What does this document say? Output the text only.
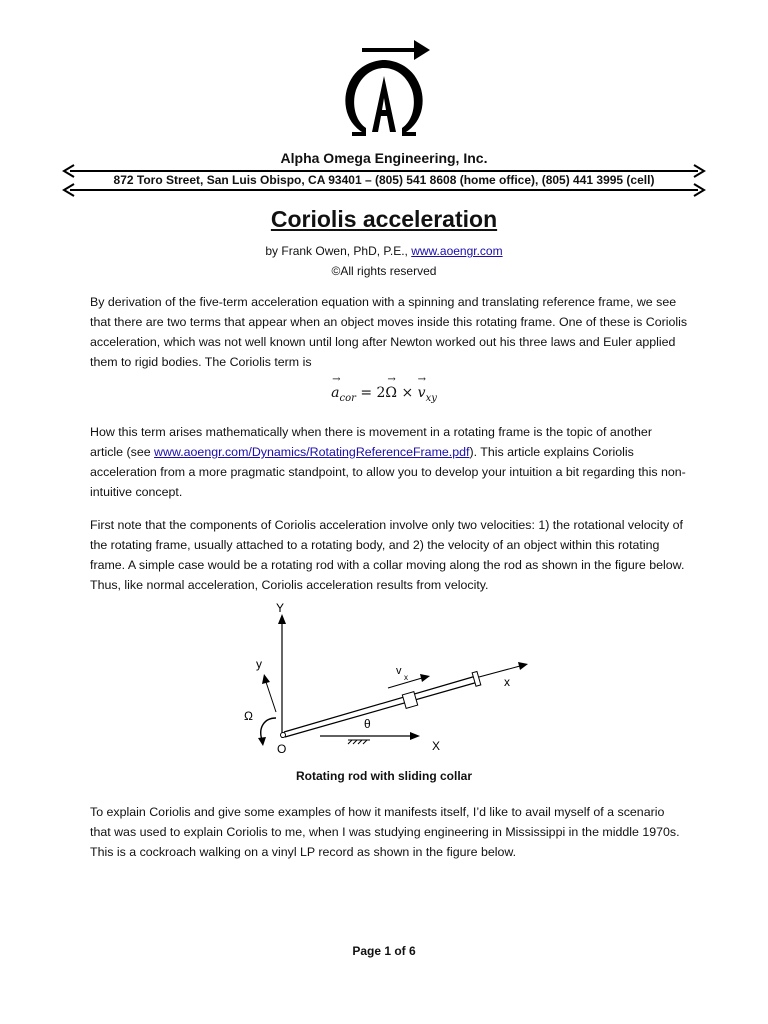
Alpha Omega Engineering, Inc.
872 Toro Street, San Luis Obispo, CA 93401 – (805) 541 8608 (home office), (805) 441 3995 (cell)
Coriolis acceleration
by Frank Owen, PhD, P.E., www.aoengr.com
©All rights reserved
By derivation of the five-term acceleration equation with a spinning and translating reference frame, we see that there are two terms that appear when an object moves inside this rotating frame. One of these is Coriolis acceleration, which was not well known until long after Newton worked out his three laws and Euler applied them to rigid bodies. The Coriolis term is
a
→
$_{cor}$ = 2Ω
→
× v
→
$_{xy}$
How this term arises mathematically when there is movement in a rotating frame is the topic of another article (see www.aoengr.com/Dynamics/RotatingReferenceFrame.pdf). This article explains Coriolis acceleration from a more pragmatic standpoint, to allow you to develop your intuition a bit regarding this non-intuitive concept.
First note that the components of Coriolis acceleration involve only two velocities: 1) the rotational velocity of the rotating frame, usually attached to a rotating body, and 2) the velocity of an object within this rotating frame. A simple case would be a rotating rod with a collar moving along the rod as shown in the figure below. Thus, like normal acceleration, Coriolis acceleration results from velocity.
Y
X
x
v
x
y
Ω
θ
O
Rotating rod with sliding collar
To explain Coriolis and give some examples of how it manifests itself, I’d like to avail myself of a scenario that was used to explain Coriolis to me, when I was studying engineering in Mississippi in the middle 1970s. This is a cockroach walking on a vinyl LP record as shown in the figure below.
Page 1 of 6
